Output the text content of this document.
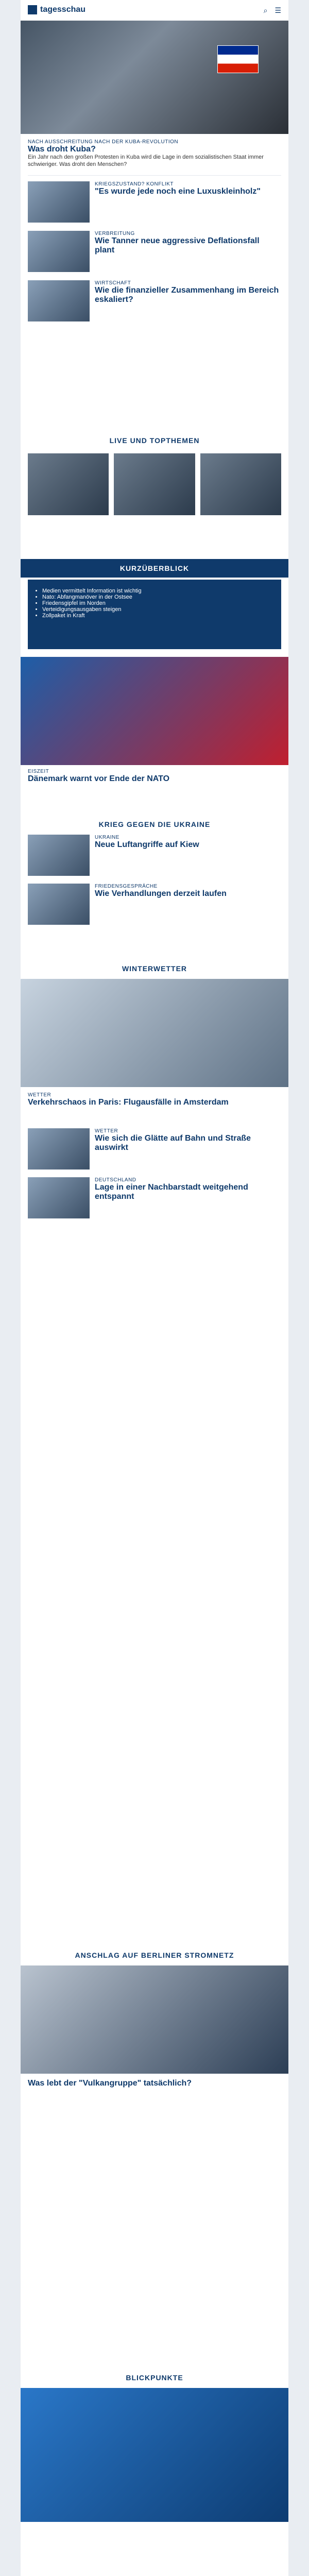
tagesschau	⌕ ☰
NACH AUSSCHREITUNG NACH DER KUBA-REVOLUTION
Was droht Kuba?
Ein Jahr nach den großen Protesten in Kuba wird die Lage in dem sozialistischen Staat immer schwieriger. Was droht den Menschen?
KRIEGSZUSTAND? KONFLIKT
"Es wurde jede noch eine Luxuskleinholz"
VERBREITUNG
Wie Tanner neue aggressive Deflationsfall plant
WIRTSCHAFT
Wie die finanzieller Zusammenhang im Bereich eskaliert?
LIVE UND TOPTHEMEN
KURZÜBERBLICK
• Medien vermittelt Information ist wichtig
• Nato: Abfangmanöver in der Ostsee
• Friedensgipfel im Norden
• Verteidigungsausgaben steigen
• Zollpaket in Kraft
EISZEIT
Dänemark warnt vor Ende der NATO
KRIEG GEGEN DIE UKRAINE
UKRAINE
Neue Luftangriffe auf Kiew
FRIEDENSGESPRÄCHE
Wie Verhandlungen derzeit laufen
WINTERWETTER
WETTER
Verkehrschaos in Paris: Flugausfälle in Amsterdam
WETTER
Wie sich die Glätte auf Bahn und Straße auswirkt
DEUTSCHLAND
Lage in einer Nachbarstadt weitgehend entspannt
ANSCHLAG AUF BERLINER STROMNETZ
Was lebt der "Vulkangruppe" tatsächlich?
BLICKPUNKTE
